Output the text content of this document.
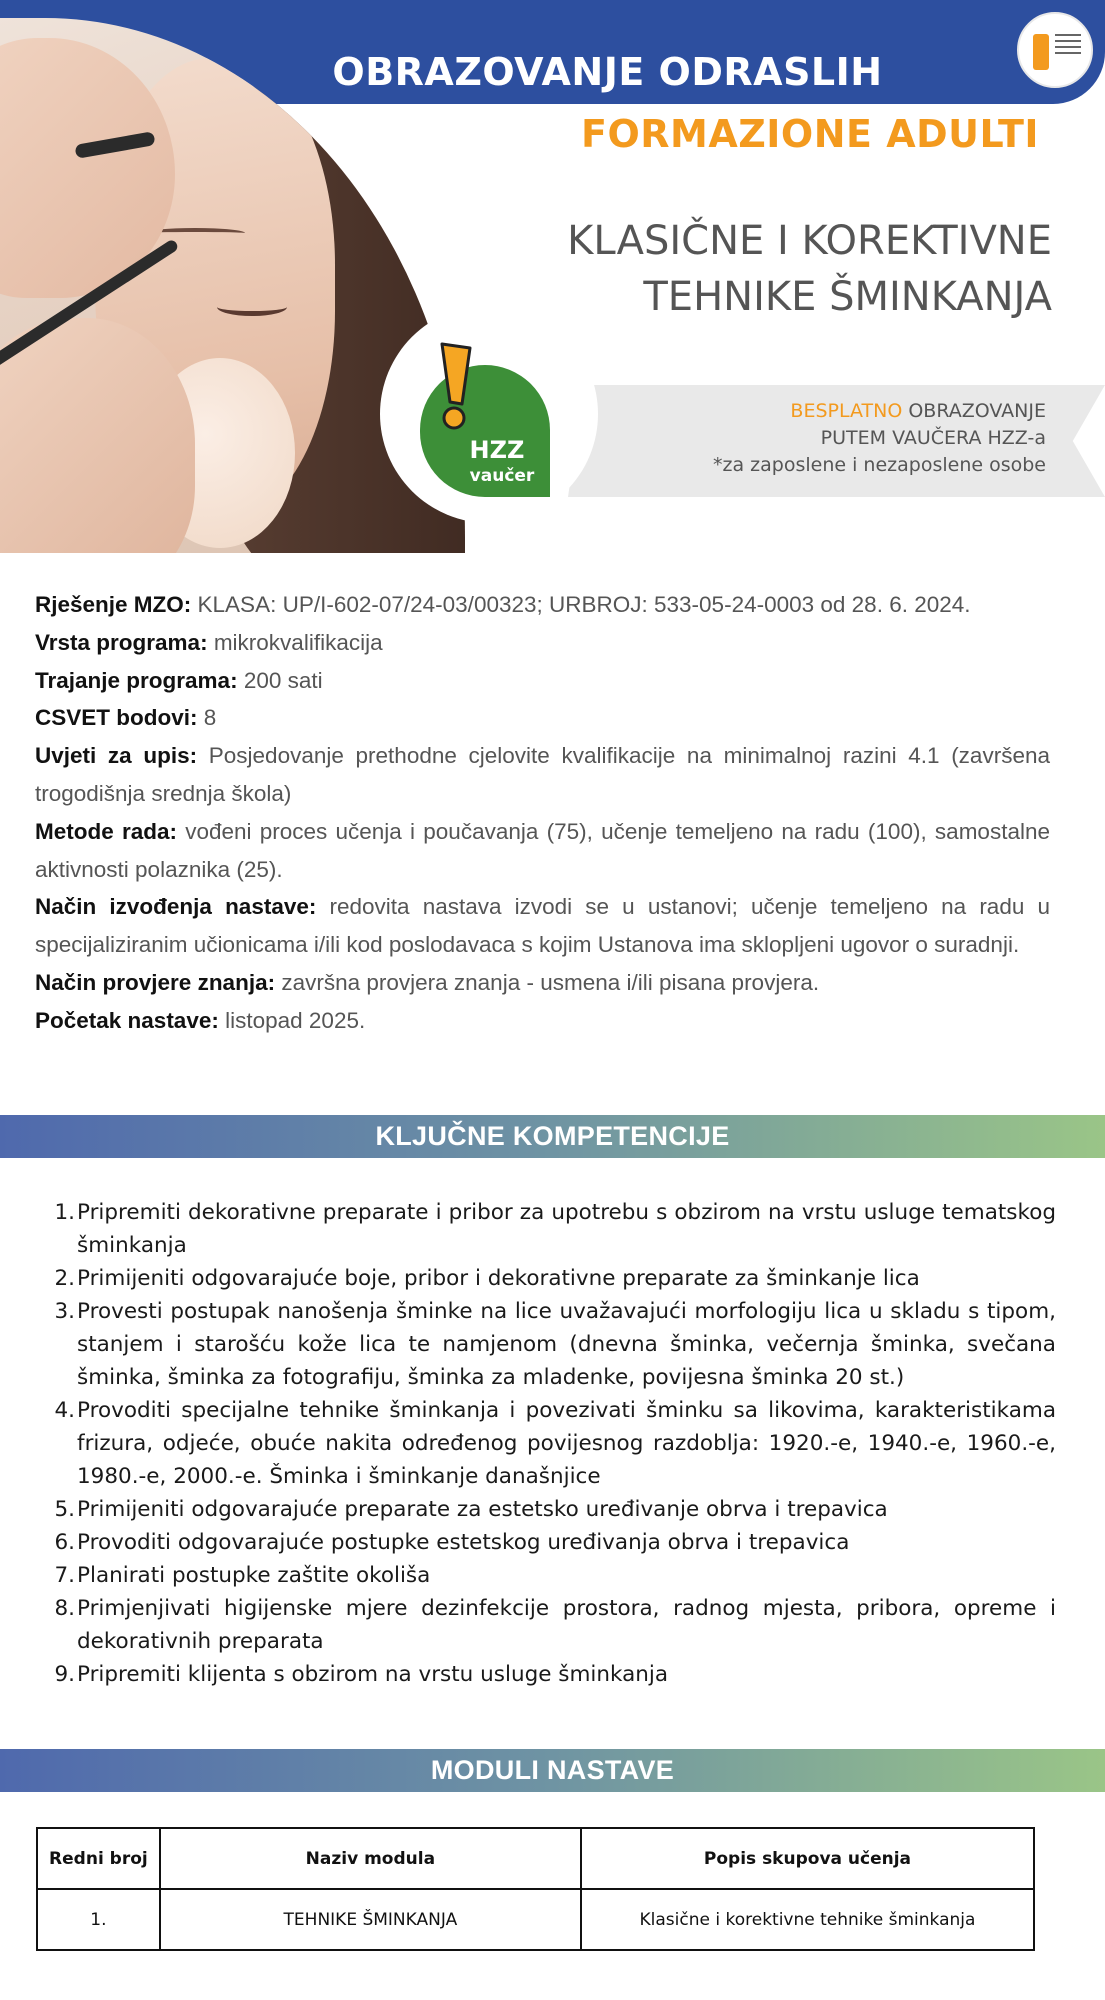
OBRAZOVANJE ODRASLIH
FORMAZIONE ADULTI
KLASIČNE I KOREKTIVNE
TEHNIKE ŠMINKANJA
BESPLATNO OBRAZOVANJE
PUTEM VAUČERA HZZ-a
*za zaposlene i nezaposlene osobe
HZZ
vaučer

Rješenje MZO: KLASA: UP/I-602-07/24-03/00323; URBROJ: 533-05-24-0003 od 28. 6. 2024.

Vrsta programa: mikrokvalifikacija

Trajanje programa: 200 sati

CSVET bodovi: 8

Uvjeti za upis: Posjedovanje prethodne cjelovite kvalifikacije na minimalnoj razini 4.1 (završena trogodišnja srednja škola)

Metode rada: vođeni proces učenja i poučavanja (75), učenje temeljeno na radu (100), samostalne aktivnosti polaznika (25).

Način izvođenja nastave: redovita nastava izvodi se u ustanovi; učenje temeljeno na radu u specijaliziranim učionicama i/ili kod poslodavaca s kojim Ustanova ima sklopljeni ugovor o suradnji.

Način provjere znanja: završna provjera znanja - usmena i/ili pisana provjera.

Početak nastave: listopad 2025.

KLJUČNE KOMPETENCIJE
1. Pripremiti dekorativne preparate i pribor za upotrebu s obzirom na vrstu usluge tematskog šminkanja
2. Primijeniti odgovarajuće boje, pribor i dekorativne preparate za šminkanje lica
3. Provesti postupak nanošenja šminke na lice uvažavajući morfologiju lica u skladu s tipom, stanjem i starošću kože lica te namjenom (dnevna šminka, večernja šminka, svečana šminka, šminka za fotografiju, šminka za mladenke, povijesna šminka 20 st.)
4. Provoditi specijalne tehnike šminkanja i povezivati šminku sa likovima, karakteristikama frizura, odjeće, obuće nakita određenog povijesnog razdoblja: 1920.-e, 1940.-e, 1960.-e, 1980.-e, 2000.-e. Šminka i šminkanje današnjice
5. Primijeniti odgovarajuće preparate za estetsko uređivanje obrva i trepavica
6. Provoditi odgovarajuće postupke estetskog uređivanja obrva i trepavica
7. Planirati postupke zaštite okoliša
8. Primjenjivati higijenske mjere dezinfekcije prostora, radnog mjesta, pribora, opreme i dekorativnih preparata
9. Pripremiti klijenta s obzirom na vrstu usluge šminkanja
MODULI NASTAVE
Redni broj	Naziv modula	Popis skupova učenja
1.	TEHNIKE ŠMINKANJA	Klasične i korektivne tehnike šminkanja
